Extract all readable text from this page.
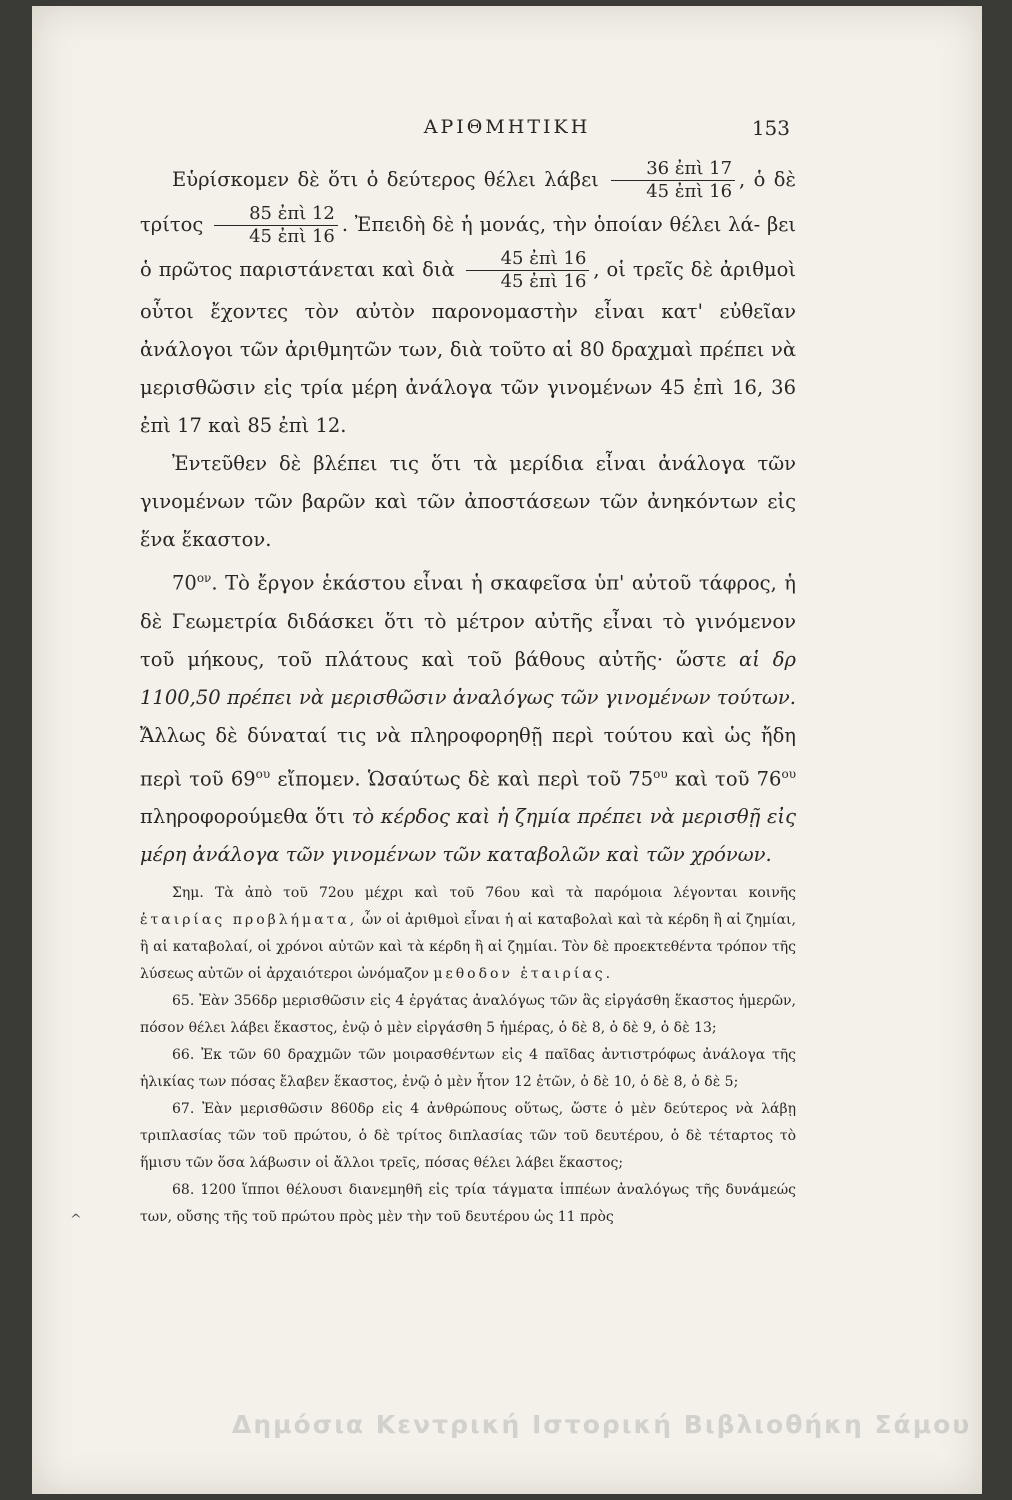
ΑΡΙΘΜΗΤΙΚΗ	153

Εὑρίσκομεν δὲ ὅτι ὁ δεύτερος θέλει λάβει $\frac{\text{36 ἐπὶ 17}}{\text{45 ἐπὶ 16}}$ , ὁ δὲ τρίτος $\frac{\text{85 ἐπὶ 12}}{\text{45 ἐπὶ 16}}$ . Ἐπειδὴ δὲ ἡ μονάς, τὴν ὁποίαν θέλει λά- βει ὁ πρῶτος παριστάνεται καὶ διὰ $\frac{\text{45 ἐπὶ 16}}{\text{45 ἐπὶ 16}}$ , οἱ τρεῖς δὲ ἀριθμοὶ οὗτοι ἔχοντες τὸν αὐτὸν παρονομαστὴν εἶναι κατ' εὐθεῖαν ἀνάλογοι τῶν ἀριθμητῶν των, διὰ τοῦτο αἱ 80 δραχμαὶ πρέπει νὰ μερισθῶσιν εἰς τρία μέρη ἀνάλογα τῶν γινομένων 45 ἐπὶ 16, 36 ἐπὶ 17 καὶ 85 ἐπὶ 12.

Ἐντεῦθεν δὲ βλέπει τις ὅτι τὰ μερίδια εἶναι ἀνάλογα τῶν γινομένων τῶν βαρῶν καὶ τῶν ἀποστάσεων τῶν ἀνηκόντων εἰς ἕνα ἕκαστον.

$70^{o\nu}$. Τὸ ἔργον ἑκάστου εἶναι ἡ σκαφεῖσα ὑπ' αὐτοῦ τάφρος, ἡ δὲ Γεωμετρία διδάσκει ὅτι τὸ μέτρον αὐτῆς εἶναι τὸ γινόμενον τοῦ μήκους, τοῦ πλάτους καὶ τοῦ βάθους αὐτῆς· ὥστε αἱ δρ 1100,50 πρέπει νὰ μερισθῶσιν ἀναλόγως τῶν γινομένων τούτων. Ἄλλως δὲ δύναταί τις νὰ πληροφορηθῇ περὶ τούτου καὶ ὡς ἤδη περὶ τοῦ $69^{o\upsilon}$ εἴπομεν. Ὡσαύτως δὲ καὶ περὶ τοῦ $75^{o\upsilon}$ καὶ τοῦ $76^{o\upsilon}$ πληροφορούμεθα ὅτι τὸ κέρδος καὶ ἡ ζημία πρέπει νὰ μερισθῇ εἰς μέρη ἀνάλογα τῶν γινομένων τῶν καταβολῶν καὶ τῶν χρόνων.

Σημ. Τὰ ἀπὸ τοῦ 72ου μέχρι καὶ τοῦ 76ου καὶ τὰ παρόμοια λέγονται κοινῆς ἑταιρίας προβλήματα, ὧν οἱ ἀριθμοὶ εἶναι ἡ αἱ καταβολαὶ καὶ τὰ κέρδη ἢ αἱ ζημίαι, ἢ αἱ καταβολαί, οἱ χρόνοι αὐτῶν καὶ τὰ κέρδη ἢ αἱ ζημίαι. Τὸν δὲ προεκτεθέντα τρόπον τῆς λύσεως αὐτῶν οἱ ἀρχαιότεροι ὠνόμαζον μεθοδον ἑταιρίας.

65. Ἐὰν 356δρ μερισθῶσιν εἰς 4 ἐργάτας ἀναλόγως τῶν ἃς εἰργάσθη ἕκαστος ἡμερῶν, πόσον θέλει λάβει ἕκαστος, ἐνῷ ὁ μὲν εἰργάσθη 5 ἡμέρας, ὁ δὲ 8, ὁ δὲ 9, ὁ δὲ 13;

66. Ἐκ τῶν 60 δραχμῶν τῶν μοιρασθέντων εἰς 4 παῖδας ἀντιστρόφως ἀνάλογα τῆς ἡλικίας των πόσας ἔλαβεν ἕκαστος, ἐνῷ ὁ μὲν ἦτον 12 ἐτῶν, ὁ δὲ 10, ὁ δὲ 8, ὁ δὲ 5;

67. Ἐὰν μερισθῶσιν 860δρ εἰς 4 ἀνθρώπους οὕτως, ὥστε ὁ μὲν δεύτερος νὰ λάβῃ τριπλασίας τῶν τοῦ πρώτου, ὁ δὲ τρίτος διπλασίας τῶν τοῦ δευτέρου, ὁ δὲ τέταρτος τὸ ἥμισυ τῶν ὅσα λάβωσιν οἱ ἄλλοι τρεῖς, πόσας θέλει λάβει ἕκαστος;

68. 1200 ἵπποι θέλουσι διανεμηθῆ εἰς τρία τάγματα ἱππέων ἀναλόγως τῆς δυνάμεώς των, οὔσης τῆς τοῦ πρώτου πρὸς μὲν τὴν τοῦ δευτέρου ὡς 11 πρὸς

^
Δημόσια Κεντρική Ιστορική Βιβλιοθήκη Σάμου
